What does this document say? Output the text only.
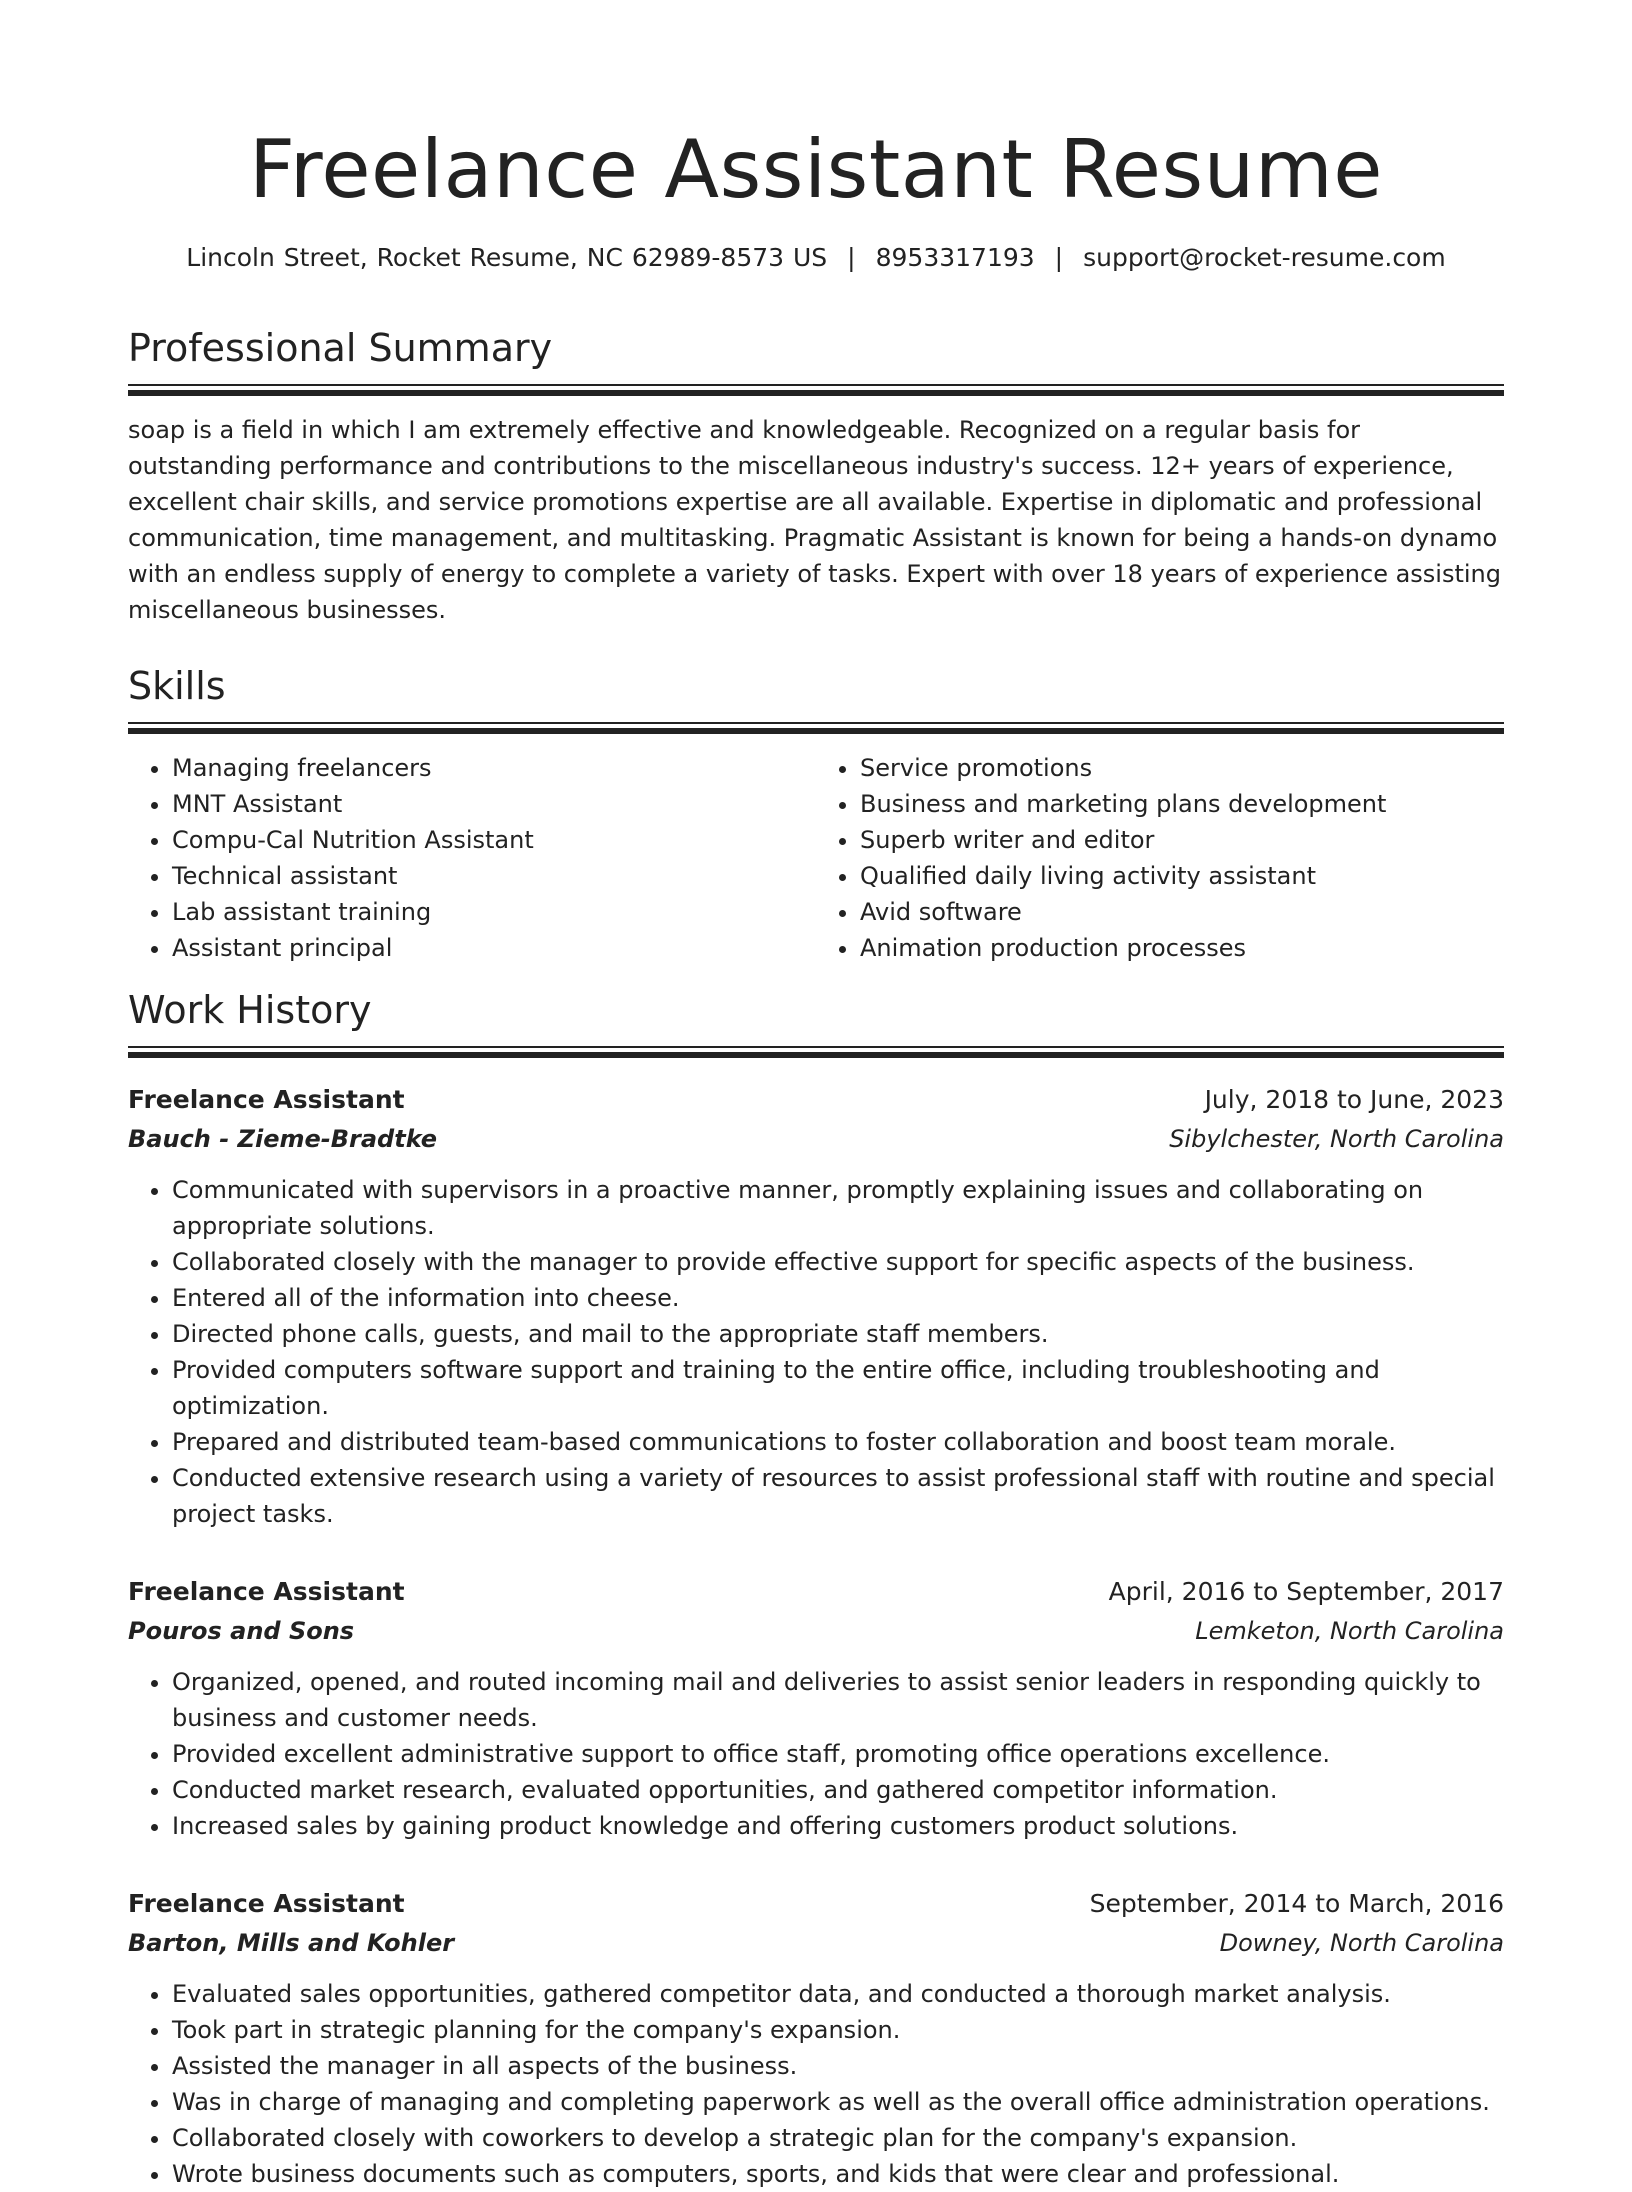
Freelance Assistant Resume
Lincoln Street, Rocket Resume, NC 62989-8573 US | 8953317193 | support@rocket-resume.com
Professional Summary

soap is a field in which I am extremely effective and knowledgeable. Recognized on a regular basis for outstanding performance and contributions to the miscellaneous industry's success. 12+ years of experience, excellent chair skills, and service promotions expertise are all available. Expertise in diplomatic and professional communication, time management, and multitasking. Pragmatic Assistant is known for being a hands-on dynamo with an endless supply of energy to complete a variety of tasks. Expert with over 18 years of experience assisting miscellaneous businesses.

Skills
• Managing freelancers
• MNT Assistant
• Compu-Cal Nutrition Assistant
• Technical assistant
• Lab assistant training
• Assistant principal
• Service promotions
• Business and marketing plans development
• Superb writer and editor
• Qualified daily living activity assistant
• Avid software
• Animation production processes
Work History
Freelance Assistant	July, 2018 to June, 2023
Bauch - Zieme-Bradtke	Sibylchester, North Carolina
• Communicated with supervisors in a proactive manner, promptly explaining issues and collaborating on appropriate solutions.
• Collaborated closely with the manager to provide effective support for specific aspects of the business.
• Entered all of the information into cheese.
• Directed phone calls, guests, and mail to the appropriate staff members.
• Provided computers software support and training to the entire office, including troubleshooting and optimization.
• Prepared and distributed team-based communications to foster collaboration and boost team morale.
• Conducted extensive research using a variety of resources to assist professional staff with routine and special project tasks.
Freelance Assistant	April, 2016 to September, 2017
Pouros and Sons	Lemketon, North Carolina
• Organized, opened, and routed incoming mail and deliveries to assist senior leaders in responding quickly to business and customer needs.
• Provided excellent administrative support to office staff, promoting office operations excellence.
• Conducted market research, evaluated opportunities, and gathered competitor information.
• Increased sales by gaining product knowledge and offering customers product solutions.
Freelance Assistant	September, 2014 to March, 2016
Barton, Mills and Kohler	Downey, North Carolina
• Evaluated sales opportunities, gathered competitor data, and conducted a thorough market analysis.
• Took part in strategic planning for the company's expansion.
• Assisted the manager in all aspects of the business.
• Was in charge of managing and completing paperwork as well as the overall office administration operations.
• Collaborated closely with coworkers to develop a strategic plan for the company's expansion.
• Wrote business documents such as computers, sports, and kids that were clear and professional.
